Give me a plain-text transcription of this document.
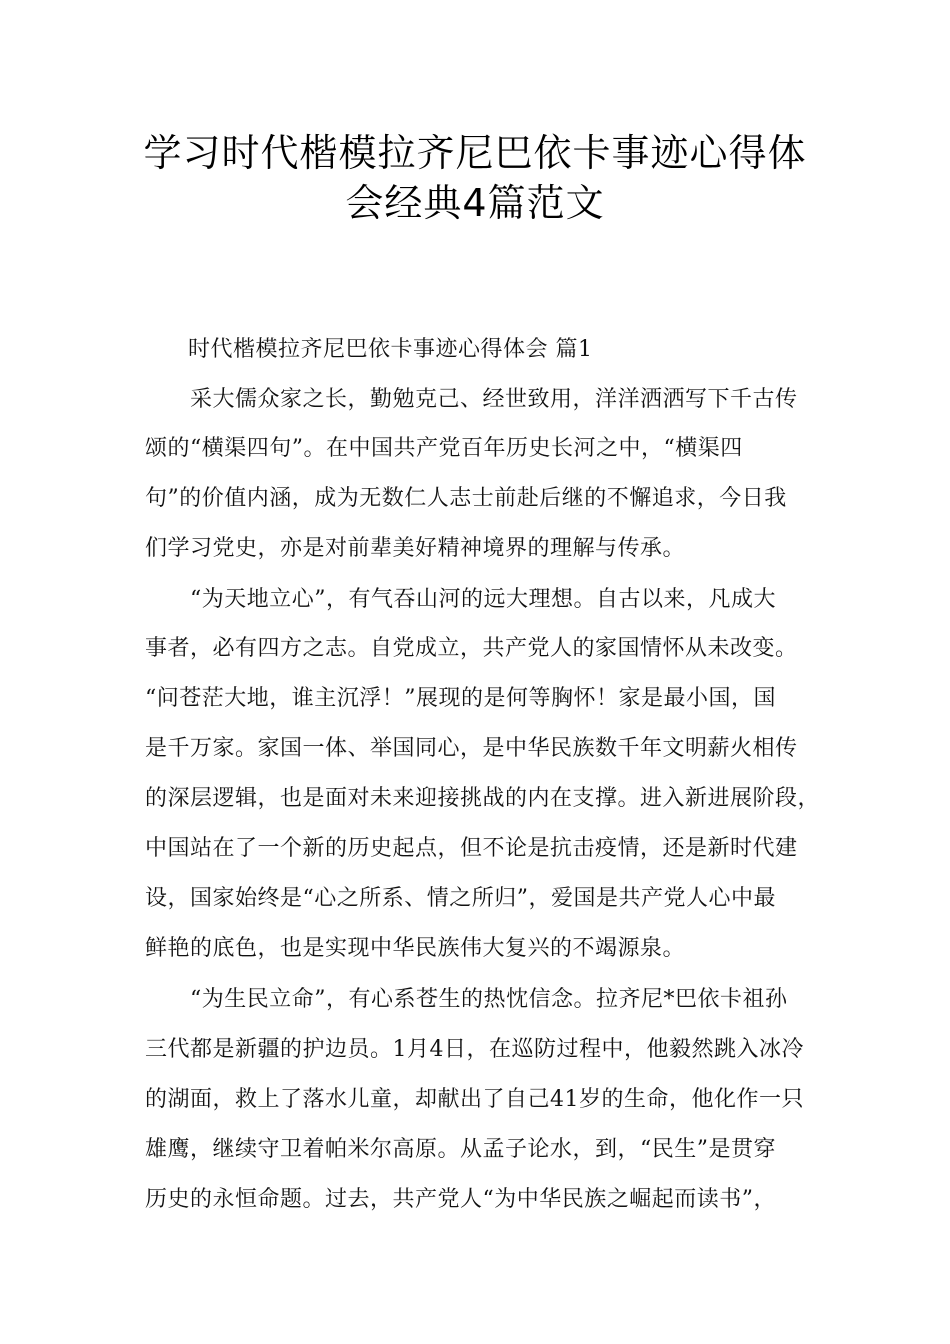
学习时代楷模拉齐尼巴依卡事迹心得体
会经典4篇范文
时代楷模拉齐尼巴依卡事迹心得体会 篇1
采大儒众家之长，勤勉克己、经世致用，洋洋洒洒写下千古传
颂的“横渠四句”。在中国共产党百年历史长河之中，“横渠四
句”的价值内涵，成为无数仁人志士前赴后继的不懈追求，今日我
们学习党史，亦是对前辈美好精神境界的理解与传承。
“为天地立心”，有气吞山河的远大理想。自古以来，凡成大
事者，必有四方之志。自党成立，共产党人的家国情怀从未改变。
“问苍茫大地，谁主沉浮！”展现的是何等胸怀！家是最小国，国
是千万家。家国一体、举国同心，是中华民族数千年文明薪火相传
的深层逻辑，也是面对未来迎接挑战的内在支撑。进入新进展阶段，
中国站在了一个新的历史起点，但不论是抗击疫情，还是新时代建
设，国家始终是“心之所系、情之所归”，爱国是共产党人心中最
鲜艳的底色，也是实现中华民族伟大复兴的不竭源泉。
“为生民立命”，有心系苍生的热忱信念。拉齐尼*巴依卡祖孙
三代都是新疆的护边员。1月4日，在巡防过程中，他毅然跳入冰冷
的湖面，救上了落水儿童，却献出了自己41岁的生命，他化作一只
雄鹰，继续守卫着帕米尔高原。从孟子论水，到，“民生”是贯穿
历史的永恒命题。过去，共产党人“为中华民族之崛起而读书”，
